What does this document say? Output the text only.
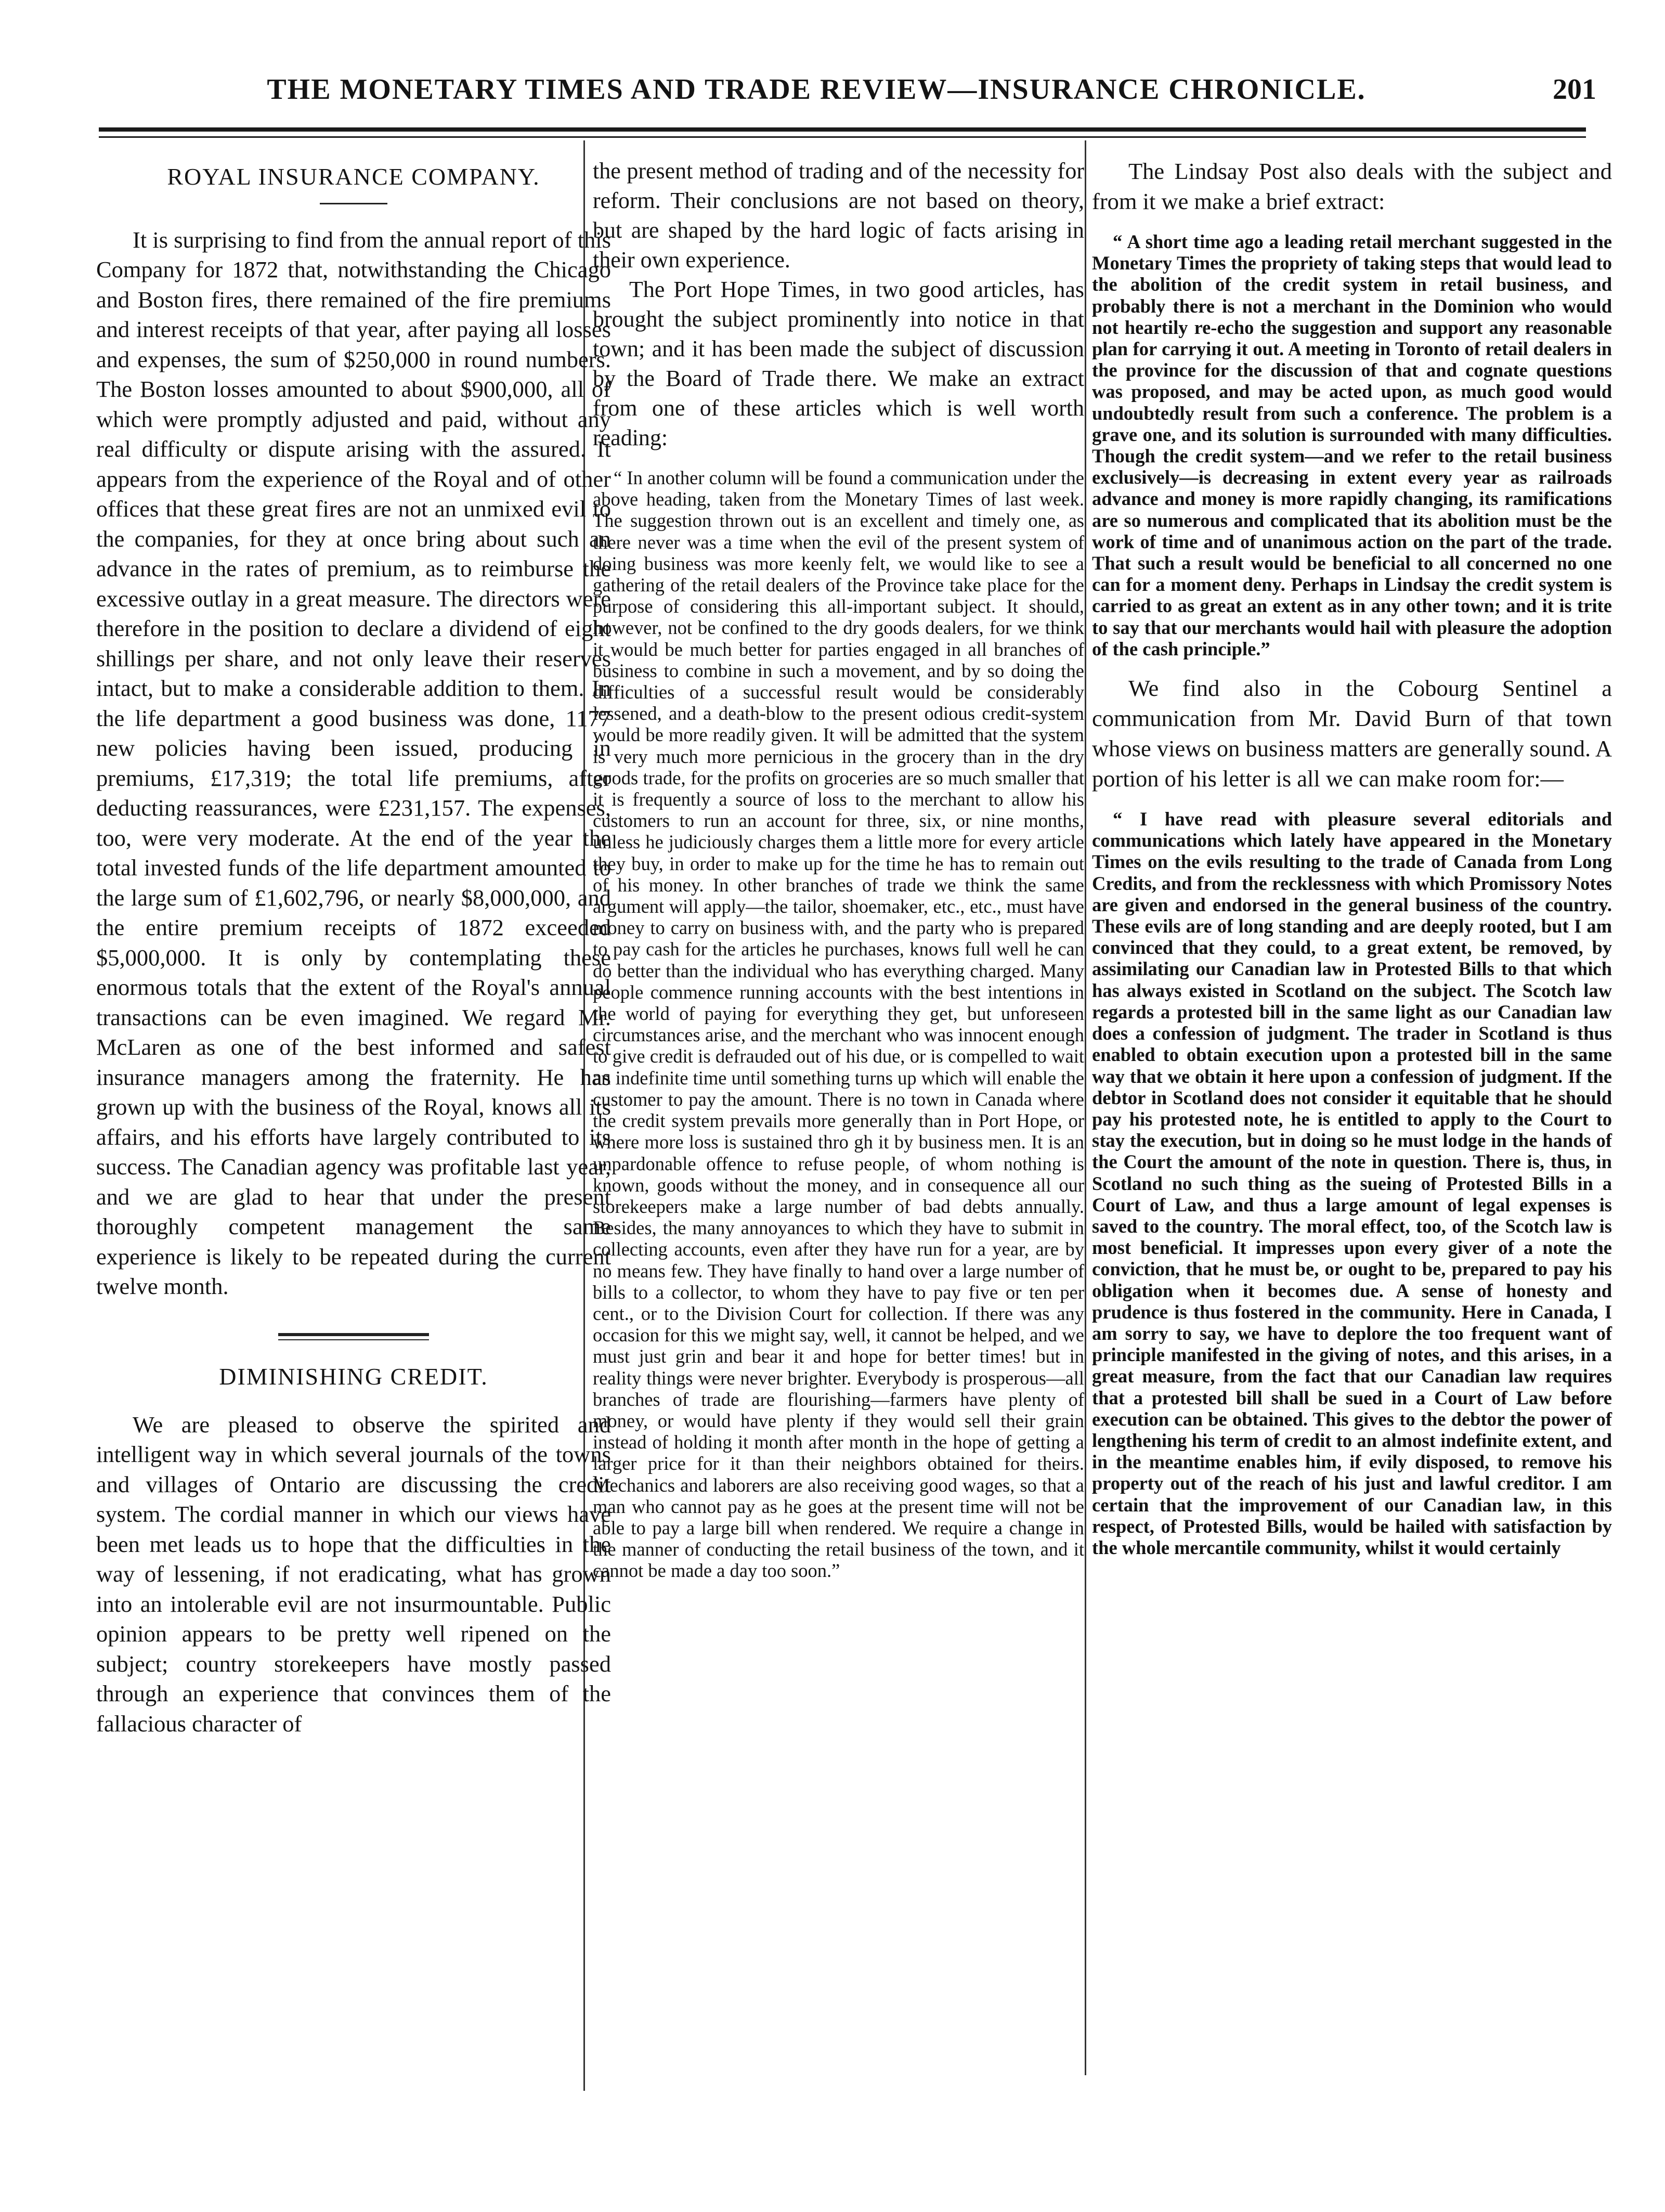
THE MONETARY TIMES AND TRADE REVIEW—INSURANCE CHRONICLE.	201
ROYAL INSURANCE COMPANY.

It is surprising to find from the annual report of this Company for 1872 that, notwithstanding the Chicago and Boston fires, there remained of the fire premiums and interest receipts of that year, after paying all losses and expenses, the sum of $250,000 in round numbers. The Boston losses amounted to about $900,000, all of which were promptly adjusted and paid, without any real difficulty or dispute arising with the assured. It appears from the experience of the Royal and of other offices that these great fires are not an unmixed evil to the companies, for they at once bring about such an advance in the rates of premium, as to reimburse the excessive outlay in a great measure. The directors were therefore in the position to declare a dividend of eight shillings per share, and not only leave their reserves intact, but to make a considerable addition to them. In the life department a good business was done, 1177 new policies having been issued, producing in premiums, £17,319; the total life premiums, after deducting reassurances, were £231,157. The expenses, too, were very moderate. At the end of the year the total invested funds of the life department amounted to the large sum of £1,602,796, or nearly $8,000,000, and the entire premium receipts of 1872 exceeded $5,000,000. It is only by contemplating these enormous totals that the extent of the Royal's annual transactions can be even imagined. We regard Mr. McLaren as one of the best informed and safest insurance managers among the fraternity. He has grown up with the business of the Royal, knows all its affairs, and his efforts have largely contributed to its success. The Canadian agency was profitable last year, and we are glad to hear that under the present thoroughly competent management the same experience is likely to be repeated during the current twelve month.

DIMINISHING CREDIT.

We are pleased to observe the spirited and intelligent way in which several journals of the towns and villages of Ontario are discussing the credit system. The cordial manner in which our views have been met leads us to hope that the difficulties in the way of lessening, if not eradicating, what has grown into an intolerable evil are not insurmountable. Public opinion appears to be pretty well ripened on the subject; country storekeepers have mostly passed through an experience that convinces them of the fallacious character of

the present method of trading and of the necessity for reform. Their conclusions are not based on theory, but are shaped by the hard logic of facts arising in their own experience.

The Port Hope Times, in two good articles, has brought the subject prominently into notice in that town; and it has been made the subject of discussion by the Board of Trade there. We make an extract from one of these articles which is well worth reading:

“ In another column will be found a communication under the above heading, taken from the Monetary Times of last week. The suggestion thrown out is an excellent and timely one, as there never was a time when the evil of the present system of doing business was more keenly felt, we would like to see a gathering of the retail dealers of the Province take place for the purpose of considering this all-important subject. It should, however, not be confined to the dry goods dealers, for we think it would be much better for parties engaged in all branches of business to combine in such a movement, and by so doing the difficulties of a successful result would be considerably lessened, and a death-blow to the present odious credit-system would be more readily given. It will be admitted that the system is very much more pernicious in the grocery than in the dry goods trade, for the profits on groceries are so much smaller that it is frequently a source of loss to the merchant to allow his customers to run an account for three, six, or nine months, unless he judiciously charges them a little more for every article they buy, in order to make up for the time he has to remain out of his money. In other branches of trade we think the same argument will apply—the tailor, shoemaker, etc., etc., must have money to carry on business with, and the party who is prepared to pay cash for the articles he purchases, knows full well he can do better than the individual who has everything charged. Many people commence running accounts with the best intentions in the world of paying for everything they get, but unforeseen circumstances arise, and the merchant who was innocent enough to give credit is defrauded out of his due, or is compelled to wait an indefinite time until something turns up which will enable the customer to pay the amount. There is no town in Canada where the credit system prevails more generally than in Port Hope, or where more loss is sustained thro gh it by business men. It is an unpardonable offence to refuse people, of whom nothing is known, goods without the money, and in consequence all our storekeepers make a large number of bad debts annually. Besides, the many annoyances to which they have to submit in collecting accounts, even after they have run for a year, are by no means few. They have finally to hand over a large number of bills to a collector, to whom they have to pay five or ten per cent., or to the Division Court for collection. If there was any occasion for this we might say, well, it cannot be helped, and we must just grin and bear it and hope for better times! but in reality things were never brighter. Everybody is prosperous—all branches of trade are flourishing—farmers have plenty of money, or would have plenty if they would sell their grain instead of holding it month after month in the hope of getting a larger price for it than their neighbors obtained for theirs. Mechanics and laborers are also receiving good wages, so that a man who cannot pay as he goes at the present time will not be able to pay a large bill when rendered. We require a change in the manner of conducting the retail business of the town, and it cannot be made a day too soon.”

The Lindsay Post also deals with the subject and from it we make a brief extract:

“ A short time ago a leading retail merchant suggested in the Monetary Times the propriety of taking steps that would lead to the abolition of the credit system in retail business, and probably there is not a merchant in the Dominion who would not heartily re-echo the suggestion and support any reasonable plan for carrying it out. A meeting in Toronto of retail dealers in the province for the discussion of that and cognate questions was proposed, and may be acted upon, as much good would undoubtedly result from such a conference. The problem is a grave one, and its solution is surrounded with many difficulties. Though the credit system—and we refer to the retail business exclusively—is decreasing in extent every year as railroads advance and money is more rapidly changing, its ramifications are so numerous and complicated that its abolition must be the work of time and of unanimous action on the part of the trade. That such a result would be beneficial to all concerned no one can for a moment deny. Perhaps in Lindsay the credit system is carried to as great an extent as in any other town; and it is trite to say that our merchants would hail with pleasure the adoption of the cash principle.”

We find also in the Cobourg Sentinel a communication from Mr. David Burn of that town whose views on business matters are generally sound. A portion of his letter is all we can make room for:—

“ I have read with pleasure several editorials and communications which lately have appeared in the Monetary Times on the evils resulting to the trade of Canada from Long Credits, and from the recklessness with which Promissory Notes are given and endorsed in the general business of the country. These evils are of long standing and are deeply rooted, but I am convinced that they could, to a great extent, be removed, by assimilating our Canadian law in Protested Bills to that which has always existed in Scotland on the subject. The Scotch law regards a protested bill in the same light as our Canadian law does a confession of judgment. The trader in Scotland is thus enabled to obtain execution upon a protested bill in the same way that we obtain it here upon a confession of judgment. If the debtor in Scotland does not consider it equitable that he should pay his protested note, he is entitled to apply to the Court to stay the execution, but in doing so he must lodge in the hands of the Court the amount of the note in question. There is, thus, in Scotland no such thing as the sueing of Protested Bills in a Court of Law, and thus a large amount of legal expenses is saved to the country. The moral effect, too, of the Scotch law is most beneficial. It impresses upon every giver of a note the conviction, that he must be, or ought to be, prepared to pay his obligation when it becomes due. A sense of honesty and prudence is thus fostered in the community. Here in Canada, I am sorry to say, we have to deplore the too frequent want of principle manifested in the giving of notes, and this arises, in a great measure, from the fact that our Canadian law requires that a protested bill shall be sued in a Court of Law before execution can be obtained. This gives to the debtor the power of lengthening his term of credit to an almost indefinite extent, and in the meantime enables him, if evily disposed, to remove his property out of the reach of his just and lawful creditor. I am certain that the improvement of our Canadian law, in this respect, of Protested Bills, would be hailed with satisfaction by the whole mercantile community, whilst it would certainly
